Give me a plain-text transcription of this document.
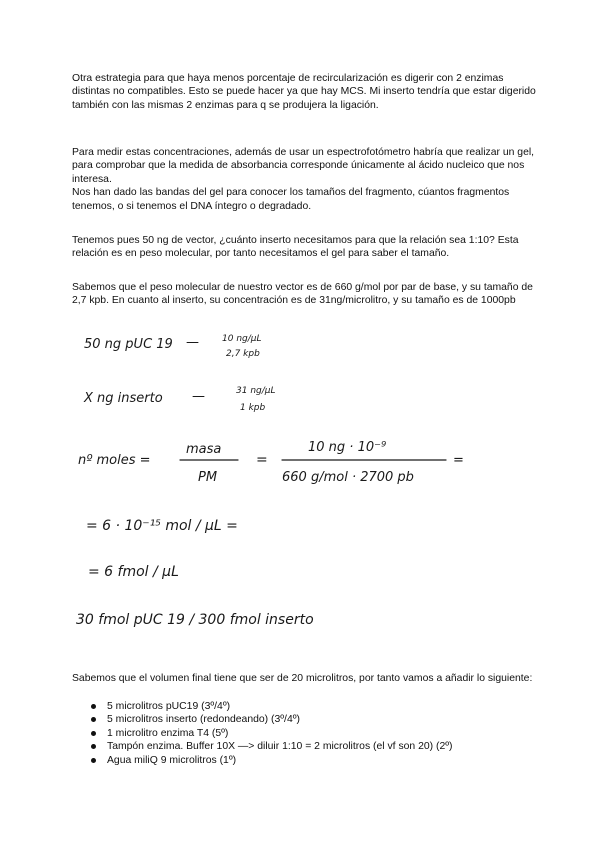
Otra estrategia para que haya menos porcentaje de recircularización es digerir con 2 enzimas distintas no compatibles. Esto se puede hacer ya que hay MCS. Mi inserto tendría que estar digerido también con las mismas 2 enzimas para q se produjera la ligación.

Para medir estas concentraciones, además de usar un espectrofotómetro habría que realizar un gel, para comprobar que la medida de absorbancia corresponde únicamente al ácido nucleico que nos interesa.
Nos han dado las bandas del gel para conocer los tamaños del fragmento, cúantos fragmentos tenemos, o si tenemos el DNA íntegro o degradado.

Tenemos pues 50 ng de vector, ¿cuánto inserto necesitamos para que la relación sea 1:10? Esta relación es en peso molecular, por tanto necesitamos el gel para saber el tamaño.

Sabemos que el peso molecular de nuestro vector es de 660 g/mol por par de base, y su tamaño de 2,7 kpb. En cuanto al inserto, su concentración es de 31ng/microlitro, y su tamaño es de 1000pb

50 ng pUC 19 —	10 ng/µL
2,7 kpb
X ng inserto —	31 ng/µL
1 kpb
nº moles =
masa
PM
=
10 ng · 10⁻⁹
660 g/mol · 2700 pb
=
= 6 · 10⁻¹⁵ mol / µL =
= 6 fmol / µL
30 fmol pUC 19 / 300 fmol inserto

Sabemos que el volumen final tiene que ser de 20 microlitros, por tanto vamos a añadir lo siguiente:

5 microlitros pUC19 (3º/4º)
5 microlitros inserto (redondeando) (3º/4º)
1 microlitro enzima T4 (5º)
Tampón enzima. Buffer 10X —> diluir 1:10 = 2 microlitros (el vf son 20) (2º)
Agua miliQ 9 microlitros (1º)
